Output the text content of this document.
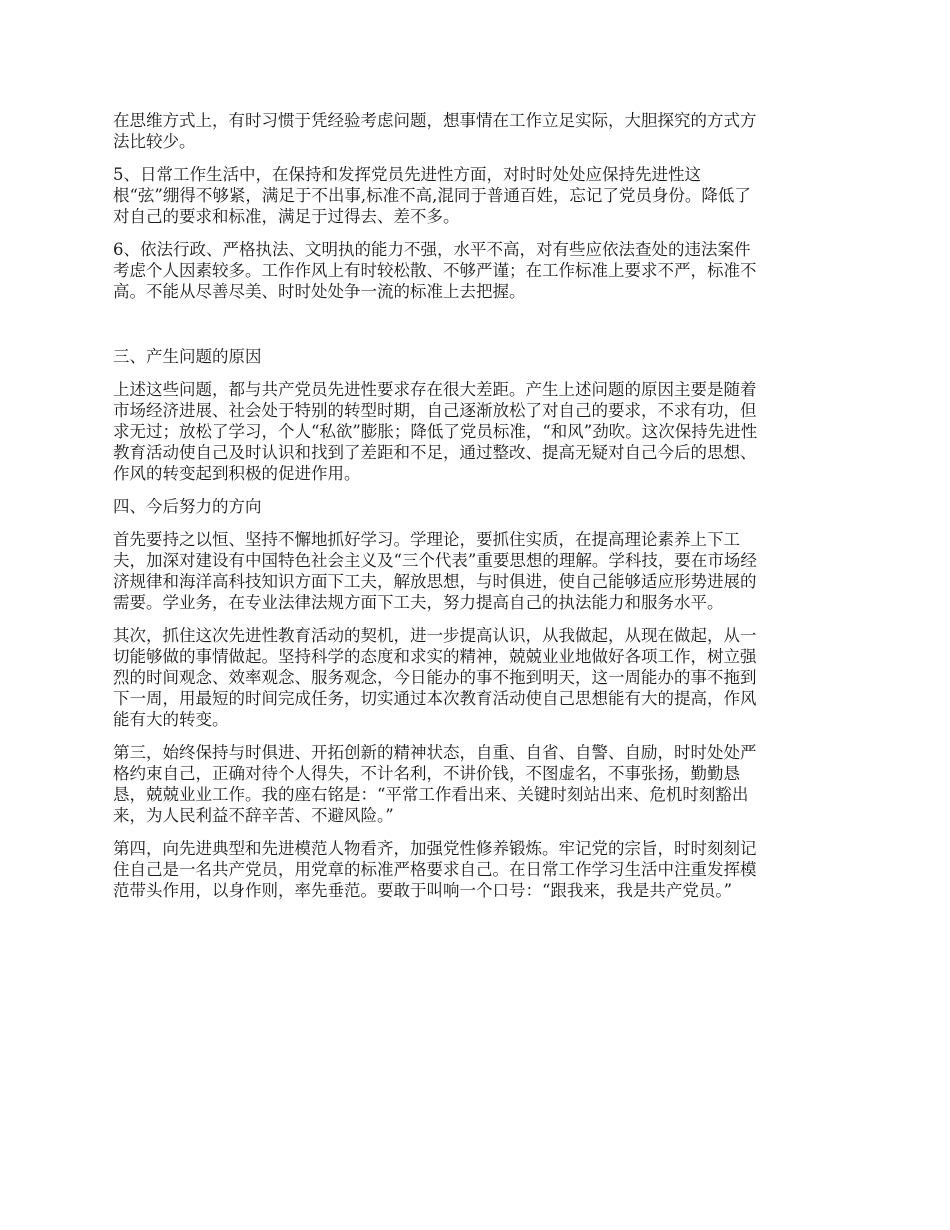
在思维方式上，有时习惯于凭经验考虑问题，想事情在工作立足实际，大胆探究的方式方
法比较少。

5、日常工作生活中，在保持和发挥党员先进性方面，对时时处处应保持先进性这
根“弦”绷得不够紧，满足于不出事,标准不高,混同于普通百姓，忘记了党员身份。降低了
对自己的要求和标准，满足于过得去、差不多。

6、依法行政、严格执法、文明执的能力不强，水平不高，对有些应依法查处的违法案件
考虑个人因素较多。工作作风上有时较松散、不够严谨；在工作标准上要求不严，标准不
高。不能从尽善尽美、时时处处争一流的标准上去把握。

三、产生问题的原因

上述这些问题，都与共产党员先进性要求存在很大差距。产生上述问题的原因主要是随着
市场经济进展、社会处于特别的转型时期，自己逐渐放松了对自己的要求，不求有功，但
求无过；放松了学习，个人“私欲”膨胀；降低了党员标准，“和风”劲吹。这次保持先进性
教育活动使自己及时认识和找到了差距和不足，通过整改、提高无疑对自己今后的思想、
作风的转变起到积极的促进作用。

四、今后努力的方向

首先要持之以恒、坚持不懈地抓好学习。学理论，要抓住实质，在提高理论素养上下工
夫，加深对建设有中国特色社会主义及“三个代表”重要思想的理解。学科技，要在市场经
济规律和海洋高科技知识方面下工夫，解放思想，与时俱进，使自己能够适应形势进展的
需要。学业务，在专业法律法规方面下工夫，努力提高自己的执法能力和服务水平。

其次，抓住这次先进性教育活动的契机，进一步提高认识，从我做起，从现在做起，从一
切能够做的事情做起。坚持科学的态度和求实的精神，兢兢业业地做好各项工作，树立强
烈的时间观念、效率观念、服务观念，今日能办的事不拖到明天，这一周能办的事不拖到
下一周，用最短的时间完成任务，切实通过本次教育活动使自己思想能有大的提高，作风
能有大的转变。

第三，始终保持与时俱进、开拓创新的精神状态，自重、自省、自警、自励，时时处处严
格约束自己，正确对待个人得失，不计名利，不讲价钱，不图虚名，不事张扬，勤勤恳
恳，兢兢业业工作。我的座右铭是：“平常工作看出来、关键时刻站出来、危机时刻豁出
来，为人民利益不辞辛苦、不避风险。”

第四，向先进典型和先进模范人物看齐，加强党性修养锻炼。牢记党的宗旨，时时刻刻记
住自己是一名共产党员，用党章的标准严格要求自己。在日常工作学习生活中注重发挥模
范带头作用，以身作则，率先垂范。要敢于叫响一个口号：“跟我来，我是共产党员。”
